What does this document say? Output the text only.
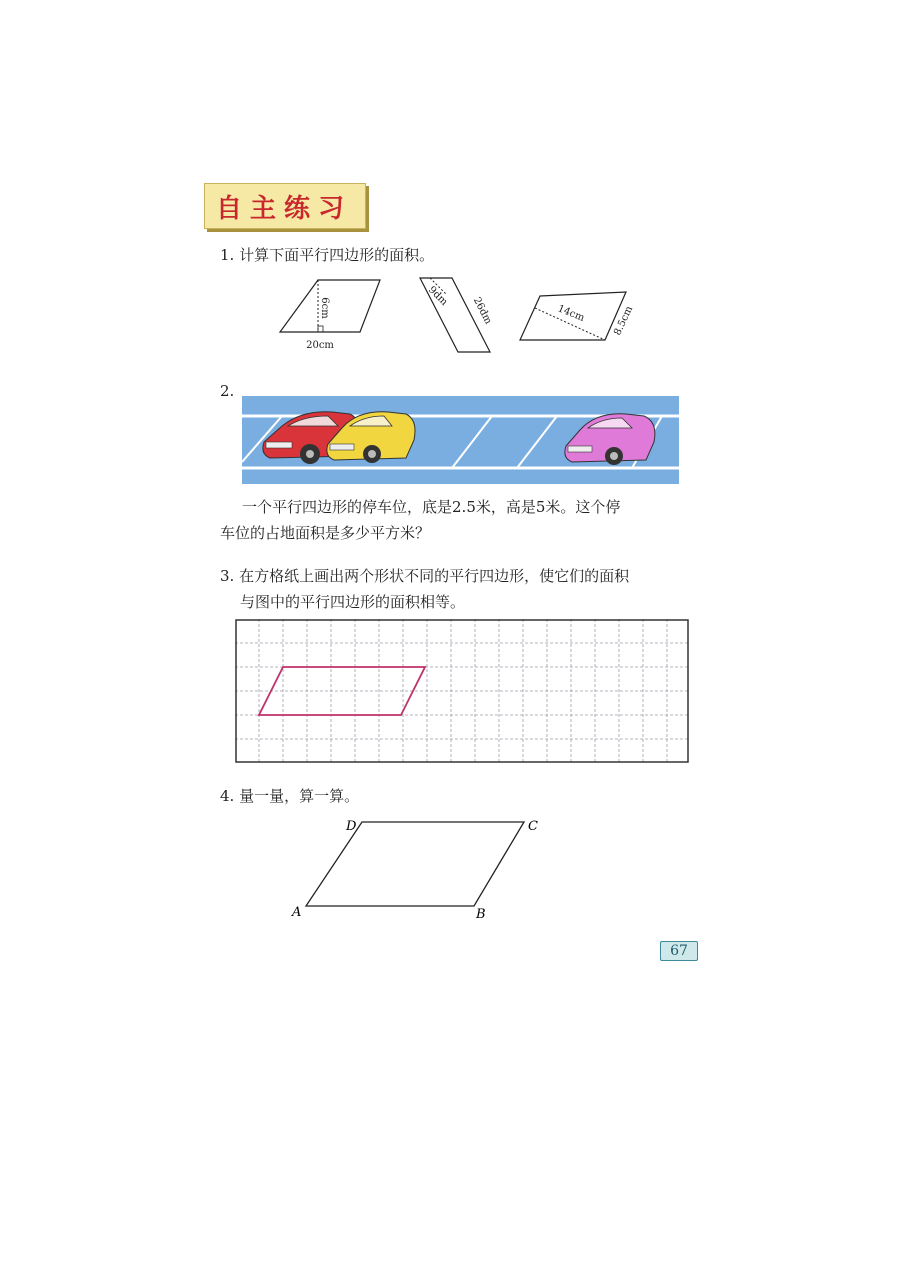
自主练习
1. 计算下面平行四边形的面积。
6cm
20cm
9dm 26dm	14cm	8.5cm
2.
一个平行四边形的停车位，底是2.5米，高是5米。这个停
车位的占地面积是多少平方米？
3. 在方格纸上画出两个形状不同的平行四边形，使它们的面积
与图中的平行四边形的面积相等。
4. 量一量，算一算。
A	B
C
D
67
